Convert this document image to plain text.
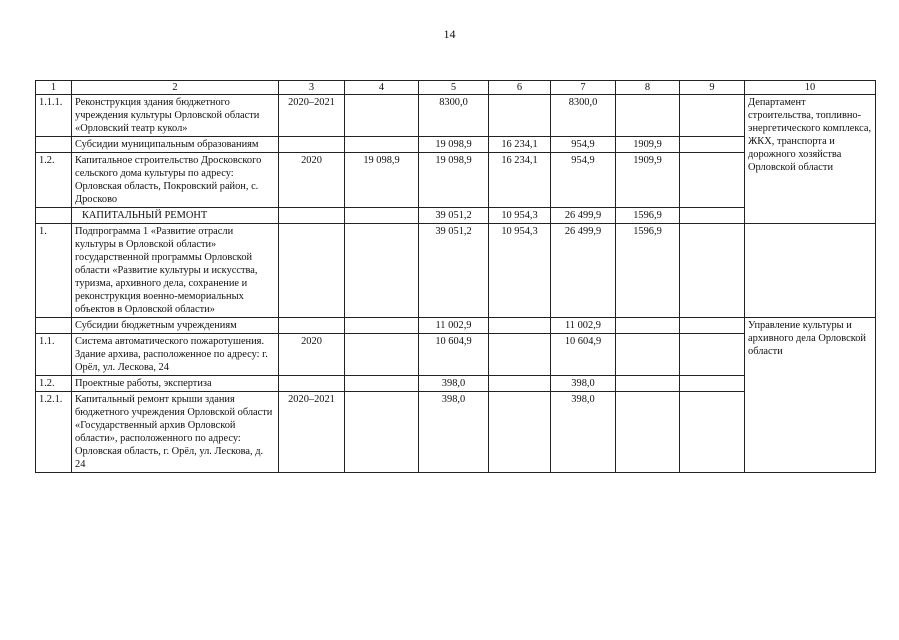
14
1	2	3	4	5	6	7	8	9	10
1.1.1.	Реконструкция здания бюджетного учреждения культуры Орловской области «Орловский театр кукол»	2020–2021		8300,0		8300,0			Департамент строительства, топливно-энергетического комплекса, ЖКХ, транспорта и дорожного хозяйства Орловской области
	Субсидии муниципальным образованиям			19 098,9	16 234,1	954,9	1909,9		
1.2.	Капитальное строительство Дросковского сельского дома культуры по адресу: Орловская область, Покровский район, с. Дросково	2020	19 098,9	19 098,9	16 234,1	954,9	1909,9		
	КАПИТАЛЬНЫЙ РЕМОНТ			39 051,2	10 954,3	26 499,9	1596,9		
1.	Подпрограмма 1 «Развитие отрасли культуры в Орловской области» государственной программы Орловской области «Развитие культуры и искусства, туризма, архивного дела, сохранение и реконструкция военно-мемориальных объектов в Орловской области»			39 051,2	10 954,3	26 499,9	1596,9		
	Субсидии бюджетным учреждениям			11 002,9		11 002,9			Управление культуры и архивного дела Орловской области
1.1.	Система автоматического пожаротушения. Здание архива, расположенное по адресу: г. Орёл, ул. Лескова, 24	2020		10 604,9		10 604,9			
1.2.	Проектные работы, экспертиза			398,0		398,0			
1.2.1.	Капитальный ремонт крыши здания бюджетного учреждения Орловской области «Государственный архив Орловской области», расположенного по адресу: Орловская область, г. Орёл, ул. Лескова, д. 24	2020–2021		398,0		398,0			
